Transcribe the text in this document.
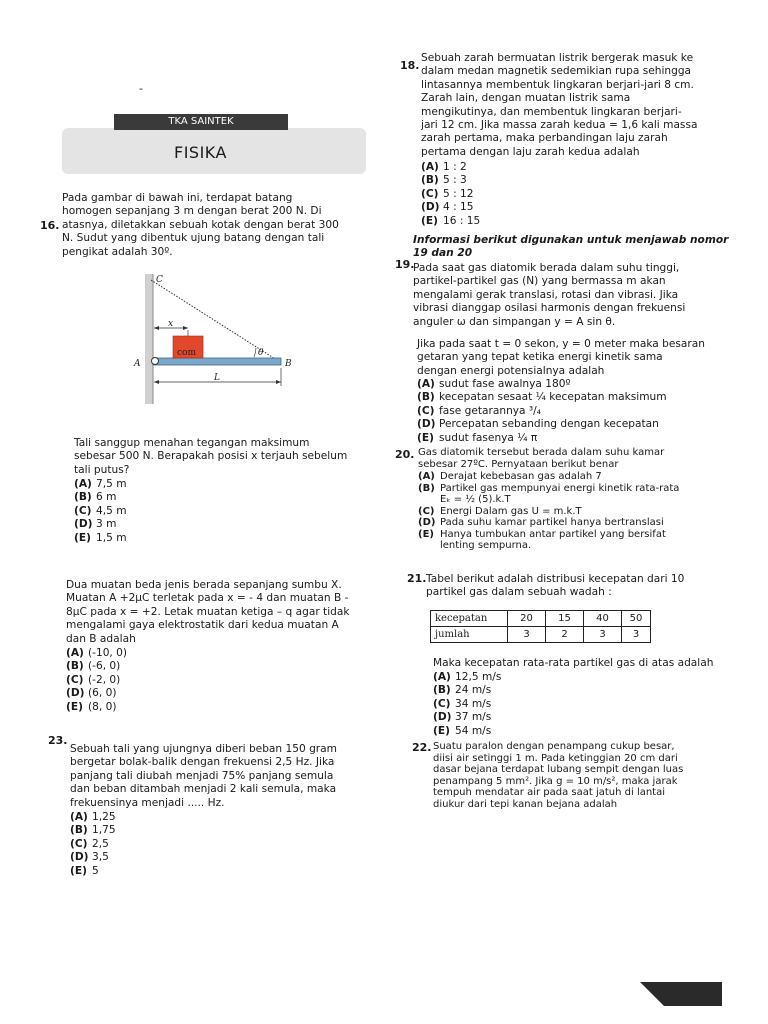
-
TKA SAINTEK
FISIKA
16.
Pada gambar di bawah ini, terdapat batang
homogen sepanjang 3 m dengan berat 200 N. Di
atasnya, diletakkan sebuah kotak dengan berat 300
N. Sudut yang dibentuk ujung batang dengan tali
pengikat adalah 30º.
C
x
com	θ
A	B
L
Tali sanggup menahan tegangan maksimum
sebesar 500 N. Berapakah posisi x terjauh sebelum
tali putus?
(A) 7,5 m
(B) 6 m
(C) 4,5 m
(D) 3 m
(E) 1,5 m
Dua muatan beda jenis berada sepanjang sumbu X.
Muatan A +2μC terletak pada x = - 4 dan muatan B -
8μC pada x = +2. Letak muatan ketiga – q agar tidak
mengalami gaya elektrostatik dari kedua muatan A
dan B adalah
(A) (-10, 0)
(B) (-6, 0)
(C) (-2, 0)
(D) (6, 0)
(E) (8, 0)
23.
Sebuah tali yang ujungnya diberi beban 150 gram
bergetar bolak-balik dengan frekuensi 2,5 Hz. Jika
panjang tali diubah menjadi 75% panjang semula
dan beban ditambah menjadi 2 kali semula, maka
frekuensinya menjadi ..... Hz.
(A) 1,25
(B) 1,75
(C) 2,5
(D) 3,5
(E) 5
18.
Sebuah zarah bermuatan listrik bergerak masuk ke
dalam medan magnetik sedemikian rupa sehingga
lintasannya membentuk lingkaran berjari-jari 8 cm.
Zarah lain, dengan muatan listrik sama
mengikutinya, dan membentuk lingkaran berjari-
jari 12 cm. Jika massa zarah kedua = 1,6 kali massa
zarah pertama, maka perbandingan laju zarah
pertama dengan laju zarah kedua adalah
(A) 1 : 2
(B) 5 : 3
(C) 5 : 12
(D) 4 : 15
(E) 16 : 15
Informasi berikut digunakan untuk menjawab nomor
19 dan 20
19.
Pada saat gas diatomik berada dalam suhu tinggi,
partikel-partikel gas (N) yang bermassa m akan
mengalami gerak translasi, rotasi dan vibrasi. Jika
vibrasi dianggap osilasi harmonis dengan frekuensi
anguler ω dan simpangan y = A sin θ.
Jika pada saat t = 0 sekon, y = 0 meter maka besaran
getaran yang tepat ketika energi kinetik sama
dengan energi potensialnya adalah
(A) sudut fase awalnya 180º
(B) kecepatan sesaat ¼ kecepatan maksimum
(C) fase getarannya ³/₄
(D) Percepatan sebanding dengan kecepatan
(E) sudut fasenya ¼ π
20. Gas diatomik tersebut berada dalam suhu kamar
sebesar 27ºC. Pernyataan berikut benar
(A) Derajat kebebasan gas adalah 7
(B) Partikel gas mempunyai energi kinetik rata-rata
Eₖ = ½ (5).k.T
(C) Energi Dalam gas U = m.k.T
(D) Pada suhu kamar partikel hanya bertranslasi
(E) Hanya tumbukan antar partikel yang bersifat
lenting sempurna.
21. Tabel berikut adalah distribusi kecepatan dari 10
partikel gas dalam sebuah wadah :
kecepatan	20	15	40	50
jumlah	3	2	3	3
Maka kecepatan rata-rata partikel gas di atas adalah
(A) 12,5 m/s
(B) 24 m/s
(C) 34 m/s
(D) 37 m/s
(E) 54 m/s
22. Suatu paralon dengan penampang cukup besar,
diisi air setinggi 1 m. Pada ketinggian 20 cm dari
dasar bejana terdapat lubang sempit dengan luas
penampang 5 mm². Jika g = 10 m/s², maka jarak
tempuh mendatar air pada saat jatuh di lantai
diukur dari tepi kanan bejana adalah
